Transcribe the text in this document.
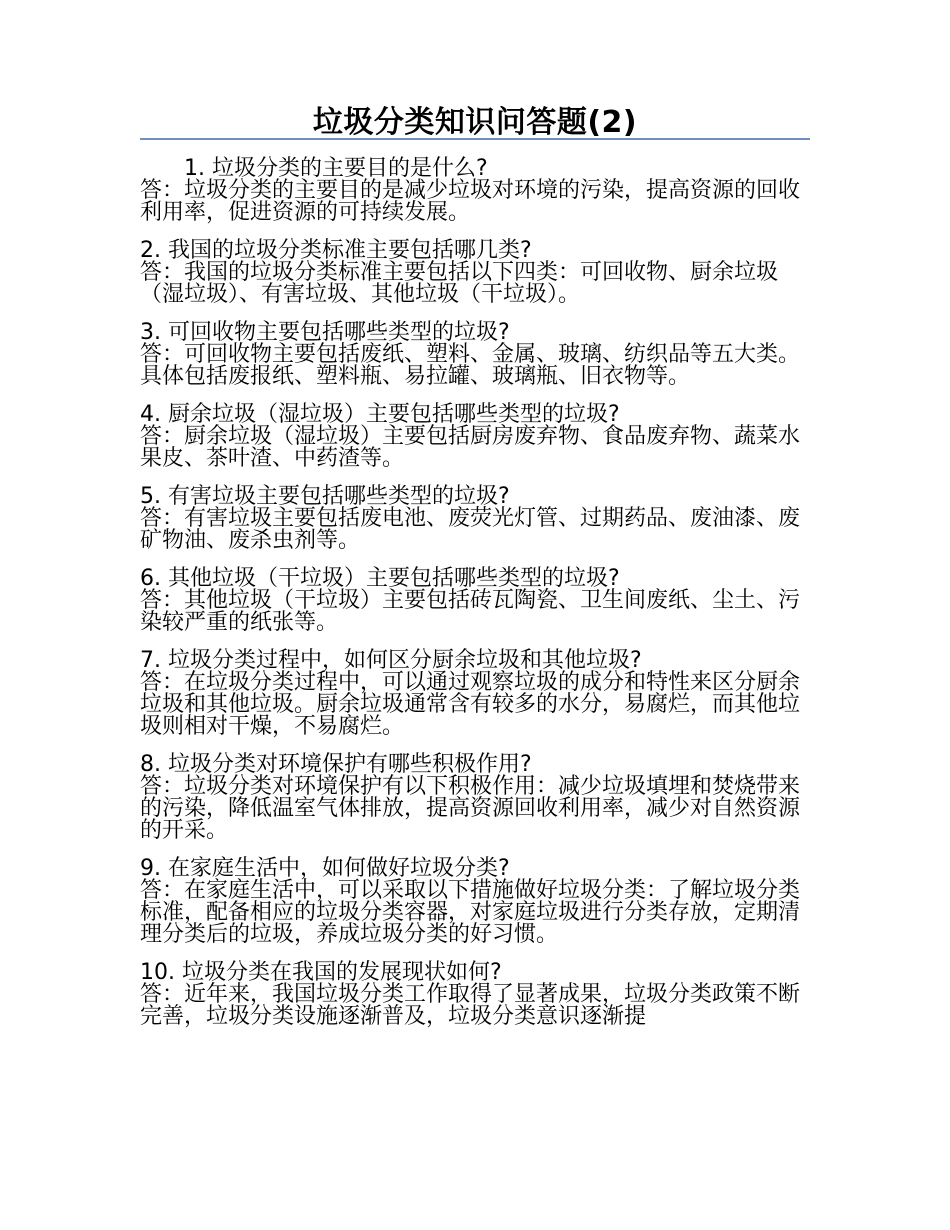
垃圾分类知识问答题(2)

1. 垃圾分类的主要目的是什么?

答：垃圾分类的主要目的是减少垃圾对环境的污染，提高资源的回收利用率，促进资源的可持续发展。

2. 我国的垃圾分类标准主要包括哪几类?

答：我国的垃圾分类标准主要包括以下四类：可回收物、厨余垃圾（湿垃圾）、有害垃圾、其他垃圾（干垃圾）。

3. 可回收物主要包括哪些类型的垃圾?

答：可回收物主要包括废纸、塑料、金属、玻璃、纺织品等五大类。具体包括废报纸、塑料瓶、易拉罐、玻璃瓶、旧衣物等。

4. 厨余垃圾（湿垃圾）主要包括哪些类型的垃圾?

答：厨余垃圾（湿垃圾）主要包括厨房废弃物、食品废弃物、蔬菜水果皮、茶叶渣、中药渣等。

5. 有害垃圾主要包括哪些类型的垃圾?

答：有害垃圾主要包括废电池、废荧光灯管、过期药品、废油漆、废矿物油、废杀虫剂等。

6. 其他垃圾（干垃圾）主要包括哪些类型的垃圾?

答：其他垃圾（干垃圾）主要包括砖瓦陶瓷、卫生间废纸、尘土、污染较严重的纸张等。

7. 垃圾分类过程中，如何区分厨余垃圾和其他垃圾?

答：在垃圾分类过程中，可以通过观察垃圾的成分和特性来区分厨余垃圾和其他垃圾。厨余垃圾通常含有较多的水分，易腐烂，而其他垃圾则相对干燥，不易腐烂。

8. 垃圾分类对环境保护有哪些积极作用?

答：垃圾分类对环境保护有以下积极作用：减少垃圾填埋和焚烧带来的污染，降低温室气体排放，提高资源回收利用率，减少对自然资源的开采。

9. 在家庭生活中，如何做好垃圾分类?

答：在家庭生活中，可以采取以下措施做好垃圾分类：了解垃圾分类标准，配备相应的垃圾分类容器，对家庭垃圾进行分类存放，定期清理分类后的垃圾，养成垃圾分类的好习惯。

10. 垃圾分类在我国的发展现状如何?

答：近年来，我国垃圾分类工作取得了显著成果，垃圾分类政策不断完善，垃圾分类设施逐渐普及，垃圾分类意识逐渐提
